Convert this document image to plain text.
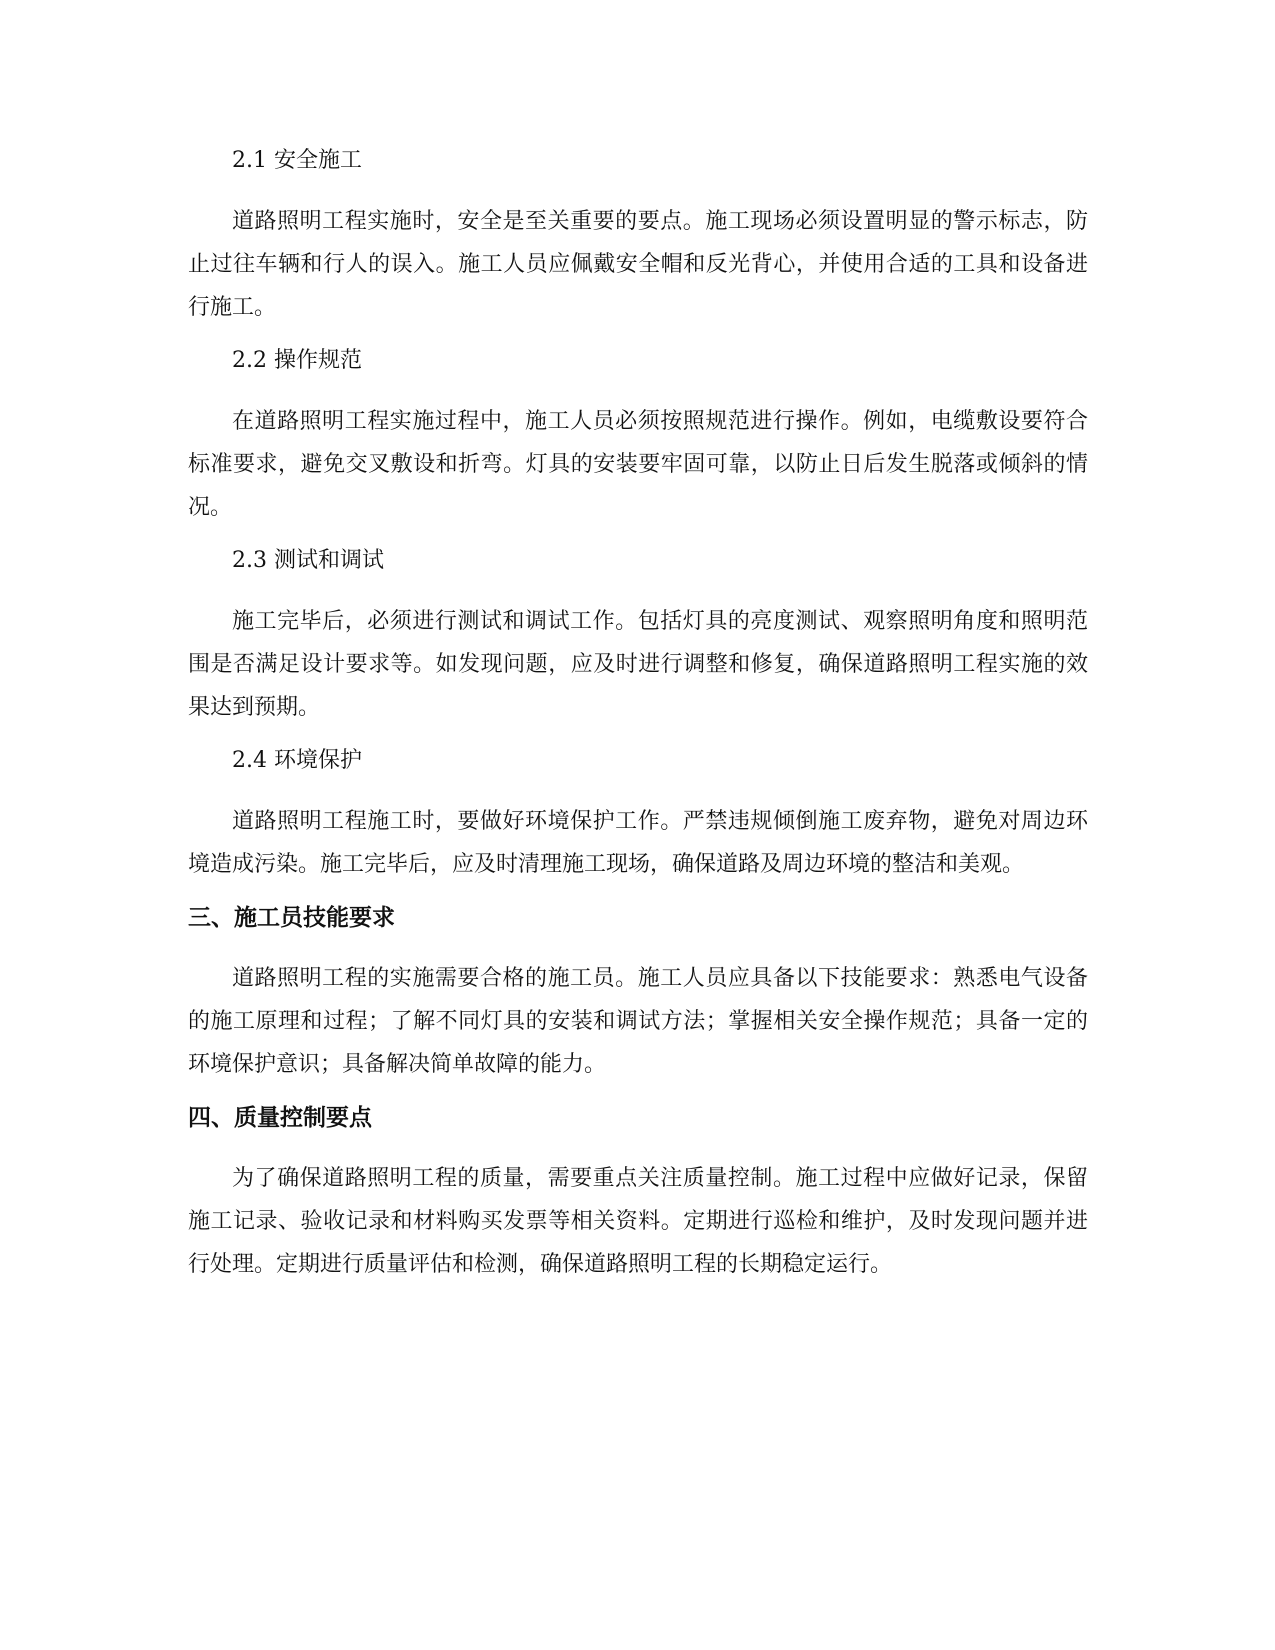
2.1 安全施工

道路照明工程实施时，安全是至关重要的要点。施工现场必须设置明显的警示标志，防止过往车辆和行人的误入。施工人员应佩戴安全帽和反光背心，并使用合适的工具和设备进行施工。

2.2 操作规范

在道路照明工程实施过程中，施工人员必须按照规范进行操作。例如，电缆敷设要符合标准要求，避免交叉敷设和折弯。灯具的安装要牢固可靠，以防止日后发生脱落或倾斜的情况。

2.3 测试和调试

施工完毕后，必须进行测试和调试工作。包括灯具的亮度测试、观察照明角度和照明范围是否满足设计要求等。如发现问题，应及时进行调整和修复，确保道路照明工程实施的效果达到预期。

2.4 环境保护

道路照明工程施工时，要做好环境保护工作。严禁违规倾倒施工废弃物，避免对周边环境造成污染。施工完毕后，应及时清理施工现场，确保道路及周边环境的整洁和美观。

三、施工员技能要求

道路照明工程的实施需要合格的施工员。施工人员应具备以下技能要求：熟悉电气设备的施工原理和过程；了解不同灯具的安装和调试方法；掌握相关安全操作规范；具备一定的环境保护意识；具备解决简单故障的能力。

四、质量控制要点

为了确保道路照明工程的质量，需要重点关注质量控制。施工过程中应做好记录，保留施工记录、验收记录和材料购买发票等相关资料。定期进行巡检和维护，及时发现问题并进行处理。定期进行质量评估和检测，确保道路照明工程的长期稳定运行。
